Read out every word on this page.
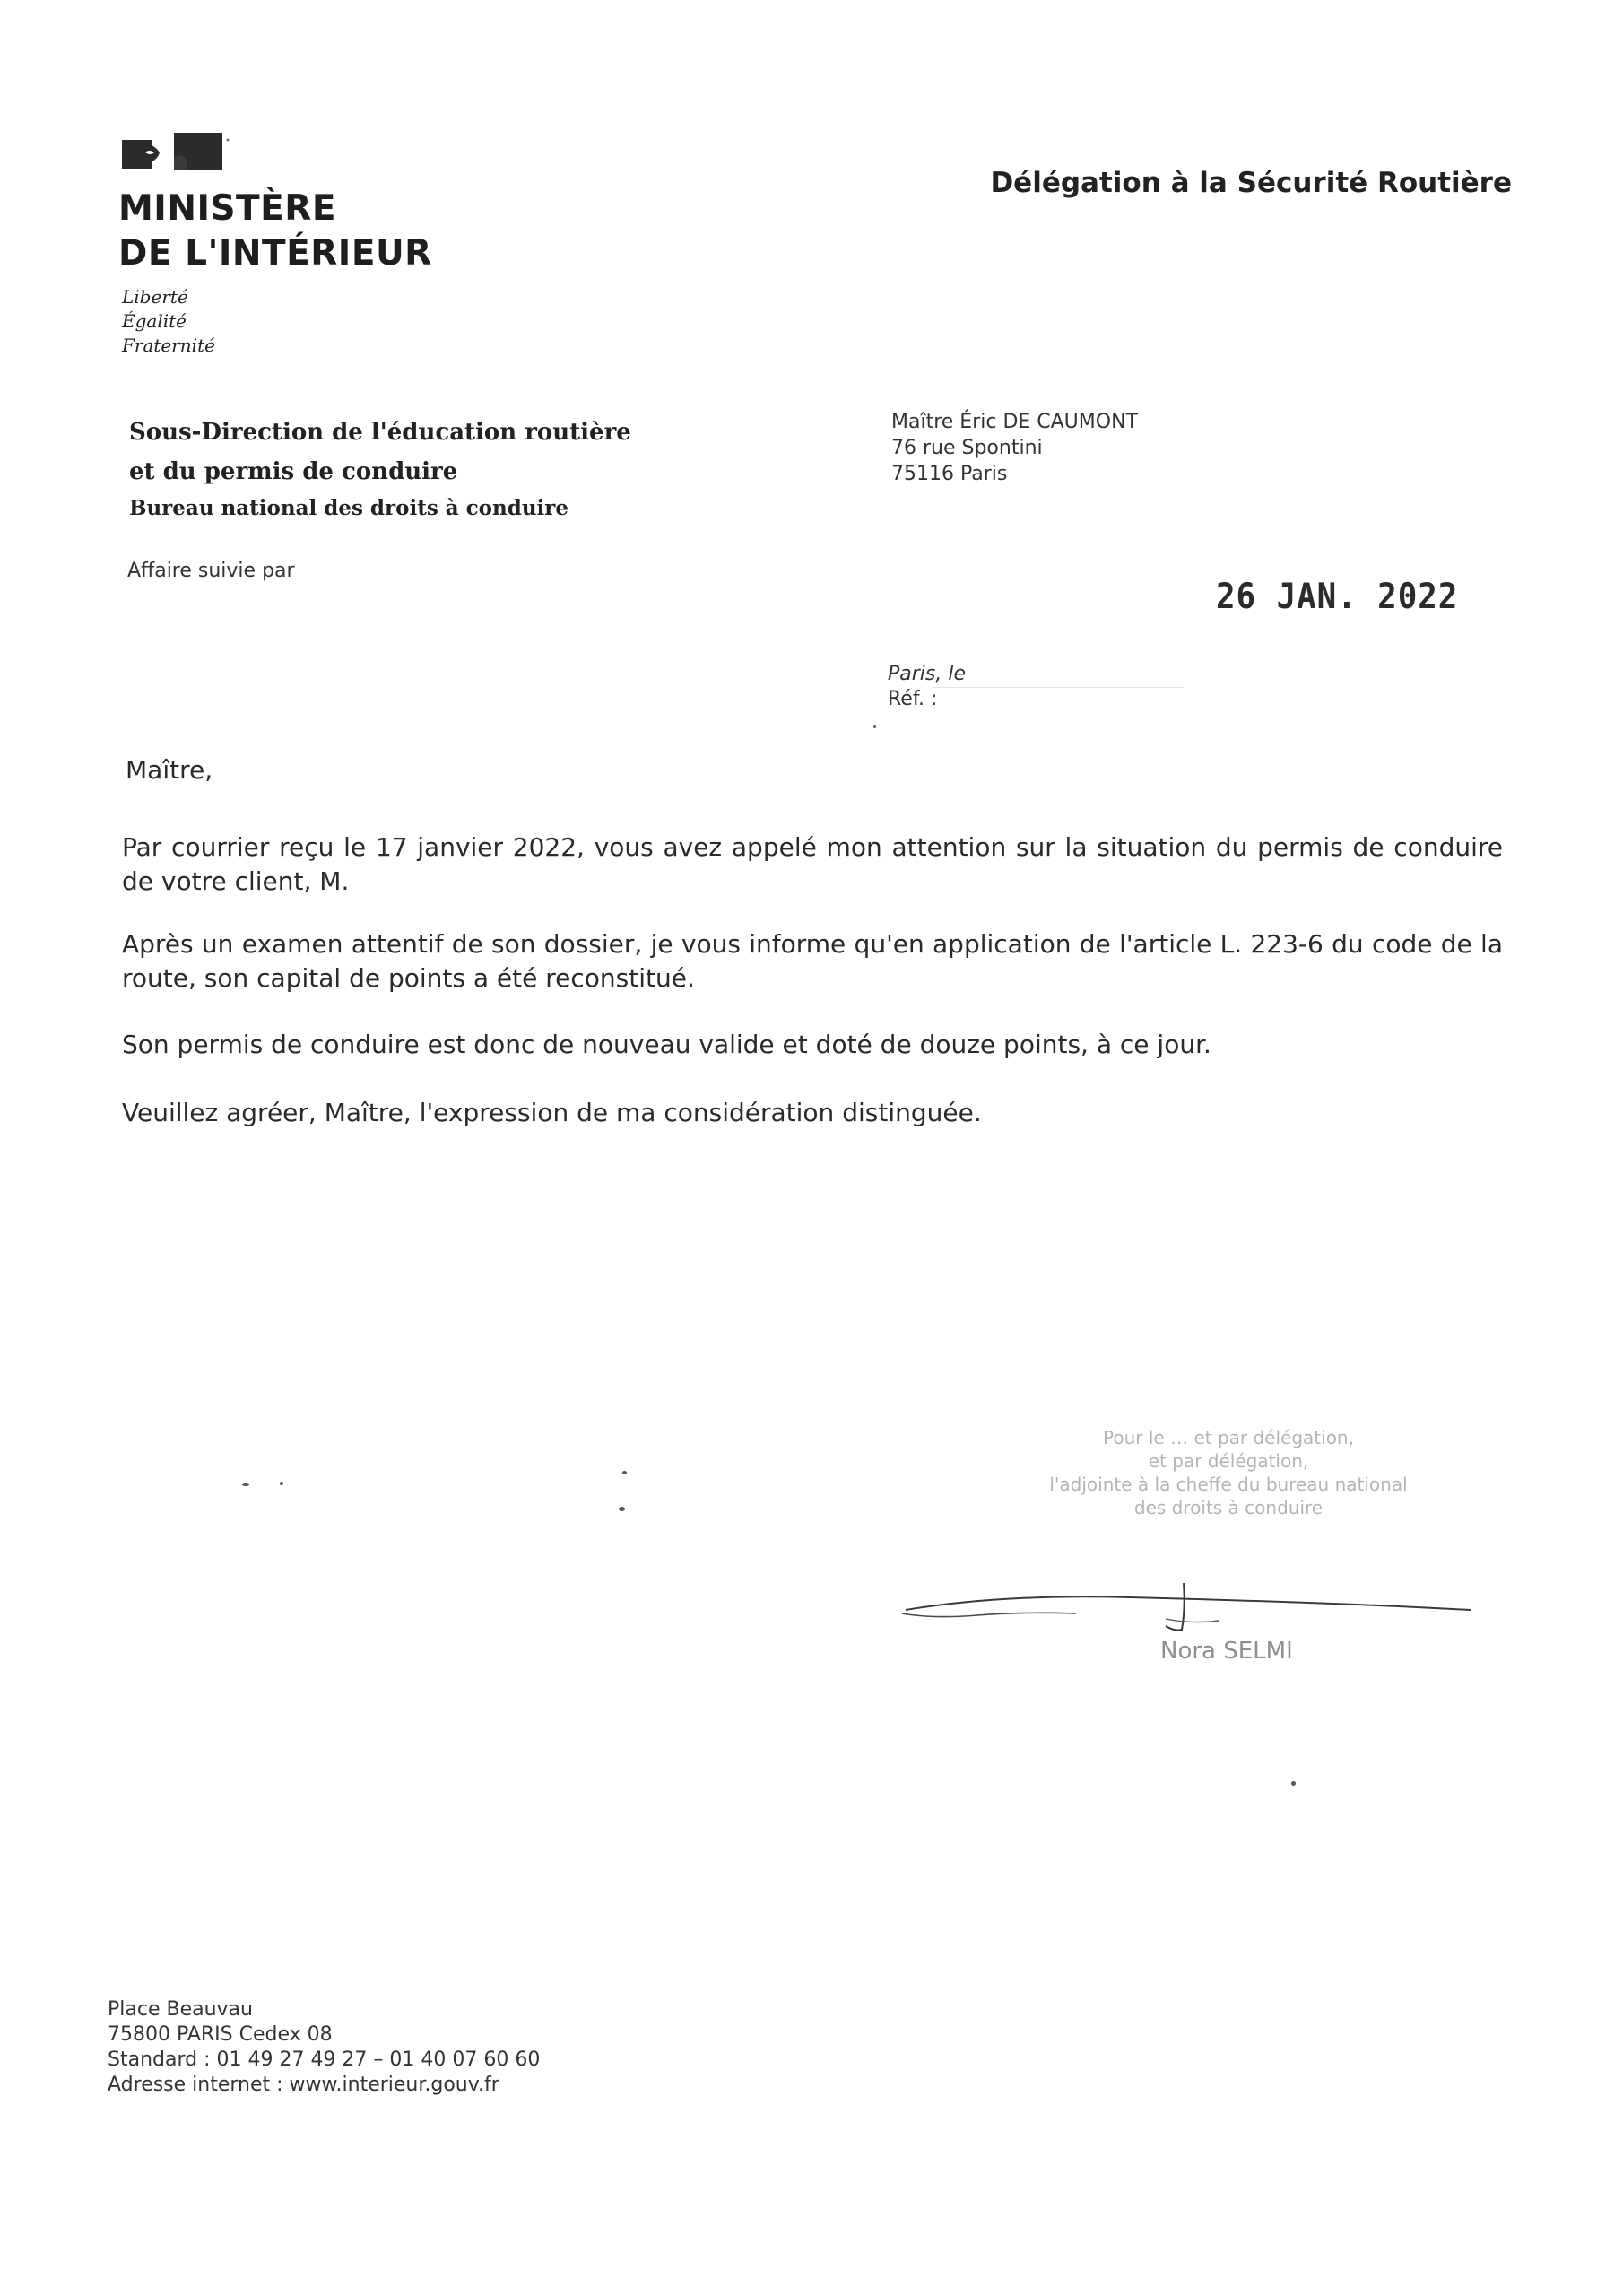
MINISTÈRE
DE L'INTÉRIEUR
Liberté
Égalité
Fraternité
Délégation à la Sécurité Routière
Sous-Direction de l'éducation routière
et du permis de conduire
Bureau national des droits à conduire
Affaire suivie par
Maître Éric DE CAUMONT
76 rue Spontini
75116 Paris
26 JAN. 2022
Paris, le
Réf. :
Maître,
Par courrier reçu le 17 janvier 2022, vous avez appelé mon attention sur la situation du permis de conduire de votre client, M.
Après un examen attentif de son dossier, je vous informe qu'en application de l'article L. 223-6 du code de la route, son capital de points a été reconstitué.
Son permis de conduire est donc de nouveau valide et doté de douze points, à ce jour.
Veuillez agréer, Maître, l'expression de ma considération distinguée.
Pour le … et par délégation,
et par délégation,
l'adjointe à la cheffe du bureau national
des droits à conduire
Nora SELMI
Place Beauvau
75800 PARIS Cedex 08
Standard : 01 49 27 49 27 – 01 40 07 60 60
Adresse internet : www.interieur.gouv.fr
